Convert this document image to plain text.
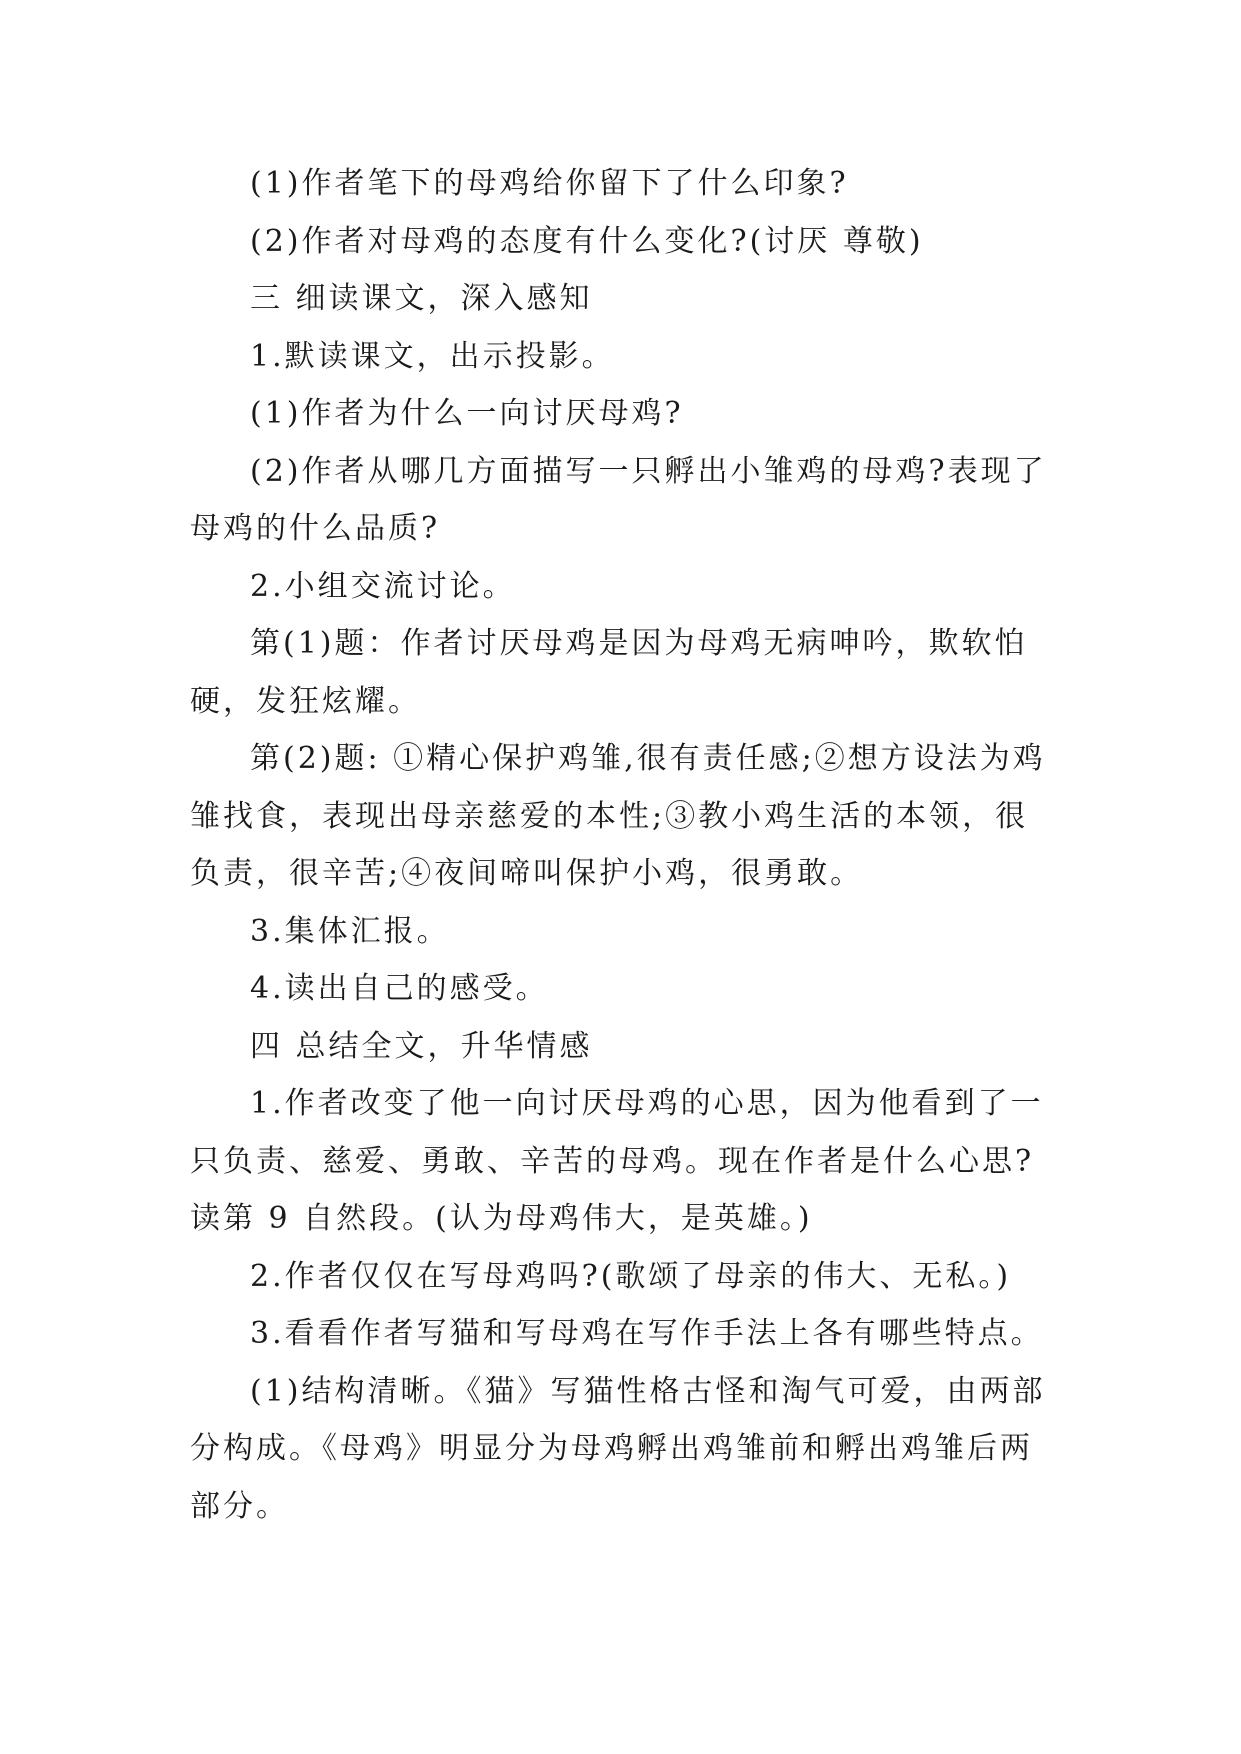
(1)作者笔下的母鸡给你留下了什么印象?

(2)作者对母鸡的态度有什么变化?(讨厌 尊敬)

三 细读课文，深入感知

1.默读课文，出示投影。

(1)作者为什么一向讨厌母鸡?

(2)作者从哪几方面描写一只孵出小雏鸡的母鸡?表现了母鸡的什么品质?

2.小组交流讨论。

第(1)题：作者讨厌母鸡是因为母鸡无病呻吟，欺软怕硬，发狂炫耀。

第(2)题: ①精心保护鸡雏,很有责任感;②想方设法为鸡雏找食，表现出母亲慈爱的本性;③教小鸡生活的本领，很负责，很辛苦;④夜间啼叫保护小鸡，很勇敢。

3.集体汇报。

4.读出自己的感受。

四 总结全文，升华情感

1.作者改变了他一向讨厌母鸡的心思，因为他看到了一只负责、慈爱、勇敢、辛苦的母鸡。现在作者是什么心思?读第 9 自然段。(认为母鸡伟大，是英雄。)

2.作者仅仅在写母鸡吗?(歌颂了母亲的伟大、无私。)

3.看看作者写猫和写母鸡在写作手法上各有哪些特点。

(1)结构清晰。《猫》写猫性格古怪和淘气可爱，由两部分构成。《母鸡》明显分为母鸡孵出鸡雏前和孵出鸡雏后两部分。
